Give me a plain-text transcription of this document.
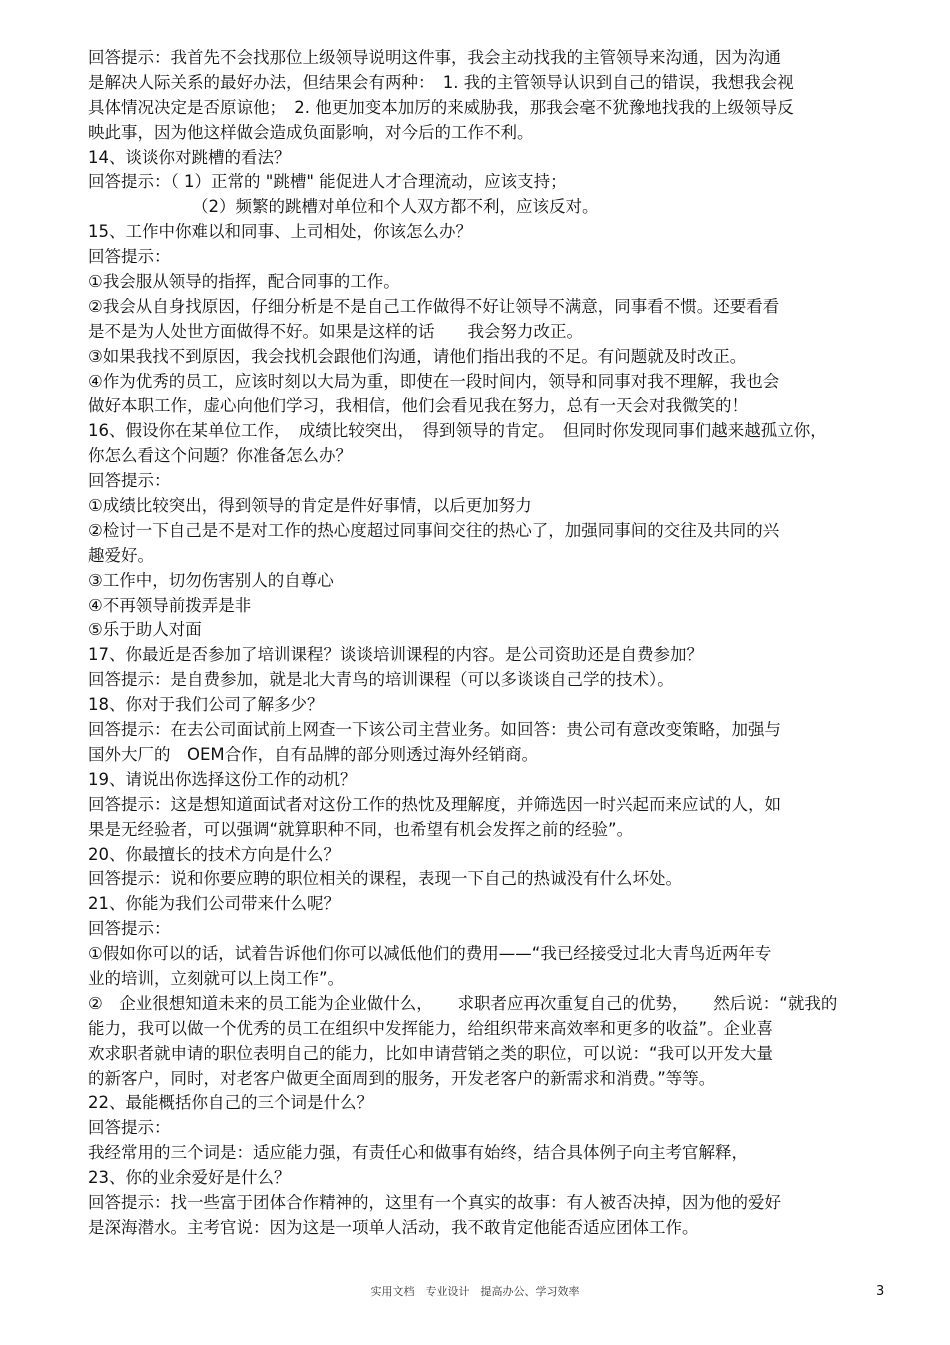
回答提示：我首先不会找那位上级领导说明这件事，我会主动找我的主管领导来沟通，因为沟通
是解决人际关系的最好办法，但结果会有两种：　1. 我的主管领导认识到自己的错误，我想我会视
具体情况决定是否原谅他；　2. 他更加变本加厉的来威胁我，那我会毫不犹豫地找我的上级领导反
映此事，因为他这样做会造成负面影响，对今后的工作不利。
14、谈谈你对跳槽的看法？
回答提示：（ 1）正常的 "跳槽" 能促进人才合理流动，应该支持；
（2）频繁的跳槽对单位和个人双方都不利，应该反对。
15、工作中你难以和同事、上司相处，你该怎么办？
回答提示：
①我会服从领导的指挥，配合同事的工作。
②我会从自身找原因，仔细分析是不是自己工作做得不好让领导不满意，同事看不惯。还要看看
是不是为人处世方面做得不好。如果是这样的话　　我会努力改正。
③如果我找不到原因，我会找机会跟他们沟通，请他们指出我的不足。有问题就及时改正。
④作为优秀的员工，应该时刻以大局为重，即使在一段时间内，领导和同事对我不理解，我也会
做好本职工作，虚心向他们学习，我相信，他们会看见我在努力，总有一天会对我微笑的！
16、假设你在某单位工作，　成绩比较突出，　得到领导的肯定。　但同时你发现同事们越来越孤立你，
你怎么看这个问题？你准备怎么办？
回答提示：
①成绩比较突出，得到领导的肯定是件好事情，以后更加努力
②检讨一下自己是不是对工作的热心度超过同事间交往的热心了，加强同事间的交往及共同的兴
趣爱好。
③工作中，切勿伤害别人的自尊心
④不再领导前拨弄是非
⑤乐于助人对面
17、你最近是否参加了培训课程？谈谈培训课程的内容。是公司资助还是自费参加？
回答提示：是自费参加，就是北大青鸟的培训课程（可以多谈谈自己学的技术）。
18、你对于我们公司了解多少？
回答提示：在去公司面试前上网查一下该公司主营业务。如回答：贵公司有意改变策略，加强与
国外大厂的　OEM合作，自有品牌的部分则透过海外经销商。
19、请说出你选择这份工作的动机？
回答提示：这是想知道面试者对这份工作的热忱及理解度，并筛选因一时兴起而来应试的人，如
果是无经验者，可以强调“就算职种不同，也希望有机会发挥之前的经验”。
20、你最擅长的技术方向是什么？
回答提示：说和你要应聘的职位相关的课程，表现一下自己的热诚没有什么坏处。
21、你能为我们公司带来什么呢？
回答提示：
①假如你可以的话，试着告诉他们你可以减低他们的费用——“我已经接受过北大青鸟近两年专
业的培训，立刻就可以上岗工作”。
②　企业很想知道未来的员工能为企业做什么，　　求职者应再次重复自己的优势，　　然后说：“就我的
能力，我可以做一个优秀的员工在组织中发挥能力，给组织带来高效率和更多的收益”。企业喜
欢求职者就申请的职位表明自己的能力，比如申请营销之类的职位，可以说：“我可以开发大量
的新客户，同时，对老客户做更全面周到的服务，开发老客户的新需求和消费。”等等。
22、最能概括你自己的三个词是什么？
回答提示：
我经常用的三个词是：适应能力强，有责任心和做事有始终，结合具体例子向主考官解释，
23、你的业余爱好是什么？
回答提示：找一些富于团体合作精神的，这里有一个真实的故事：有人被否决掉，因为他的爱好
是深海潜水。主考官说：因为这是一项单人活动，我不敢肯定他能否适应团体工作。
实用文档　专业设计　提高办公、学习效率	3
